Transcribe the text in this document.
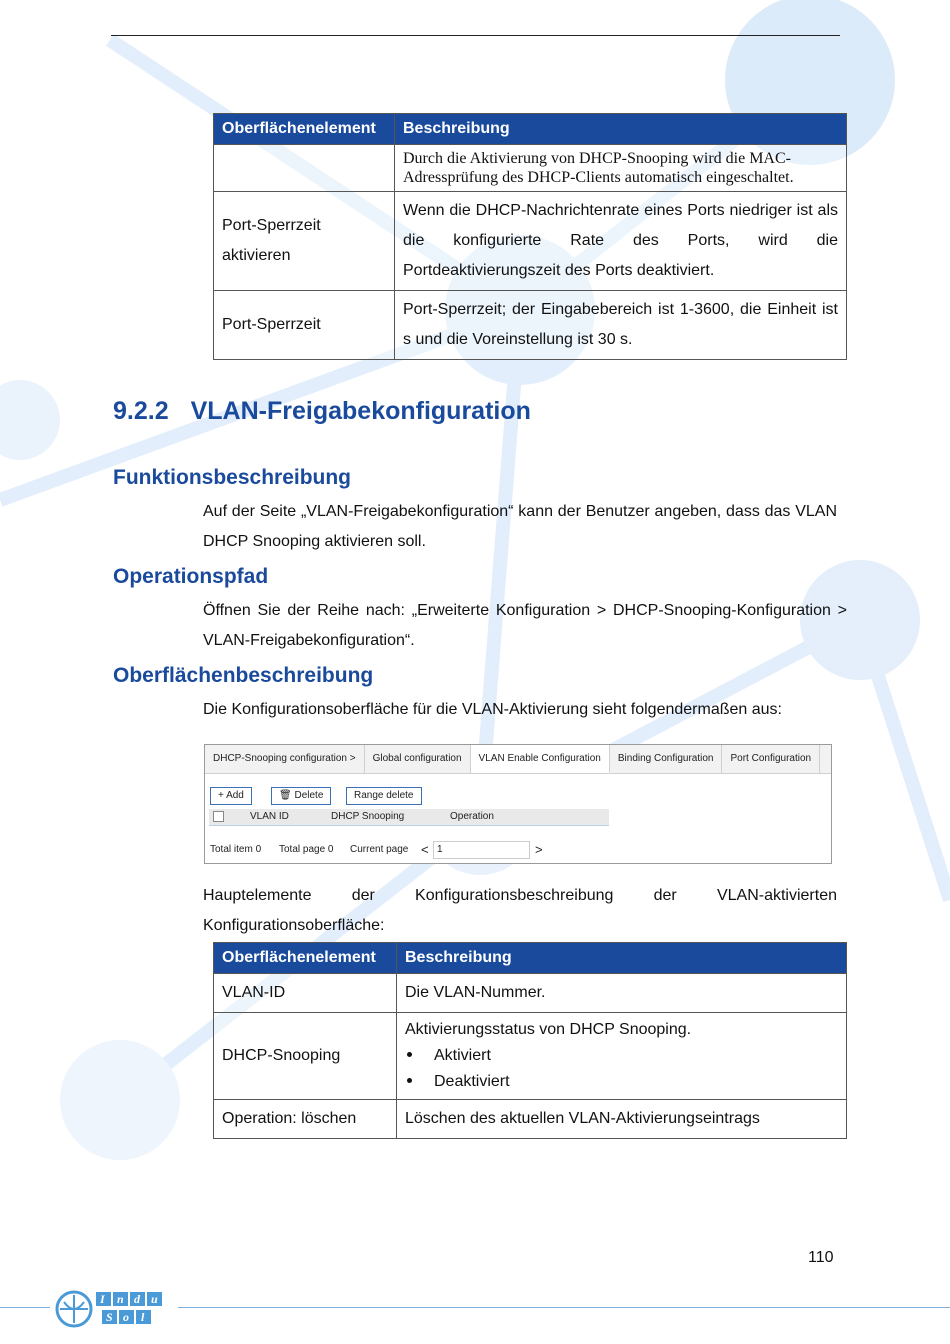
Oberflächenelement	Beschreibung
	Durch die Aktivierung von DHCP-Snooping wird die MAC-Adressprüfung des DHCP-Clients automatisch eingeschaltet.
Port-Sperrzeit aktivieren	Wenn die DHCP-Nachrichtenrate eines Ports niedriger ist als die konfigurierte Rate des Ports, wird die Portdeaktivierungszeit des Ports deaktiviert.
Port-Sperrzeit	Port-Sperrzeit; der Eingabebereich ist 1-3600, die Einheit ist s und die Voreinstellung ist 30 s.
9.2.2 VLAN-Freigabekonfiguration
Funktionsbeschreibung
Auf der Seite „VLAN-Freigabekonfiguration“ kann der Benutzer angeben, dass das VLAN DHCP Snooping aktivieren soll.
Operationspfad
Öffnen Sie der Reihe nach: „Erweiterte Konfiguration > DHCP-Snooping-Konfiguration > VLAN-Freigabekonfiguration“.
Oberflächenbeschreibung
Die Konfigurationsoberfläche für die VLAN-Aktivierung sieht folgendermaßen aus:
DHCP-Snooping configuration >	Global configuration	VLAN Enable Configuration	Binding Configuration	Port Configuration
+ Add	🗑 Delete	Range delete
VLAN ID	DHCP Snooping	Operation
Total item 0 Total page 0 Current page <	>
1
Hauptelemente der Konfigurationsbeschreibung der VLAN-aktivierten Konfigurationsoberfläche:
Oberflächenelement	Beschreibung
VLAN-ID	Die VLAN-Nummer.
DHCP-Snooping	Aktivierungsstatus von DHCP Snooping.
Aktiviert
Deaktiviert

Operation: löschen	Löschen des aktuellen VLAN-Aktivierungseintrags
110
I n d u
S o l
